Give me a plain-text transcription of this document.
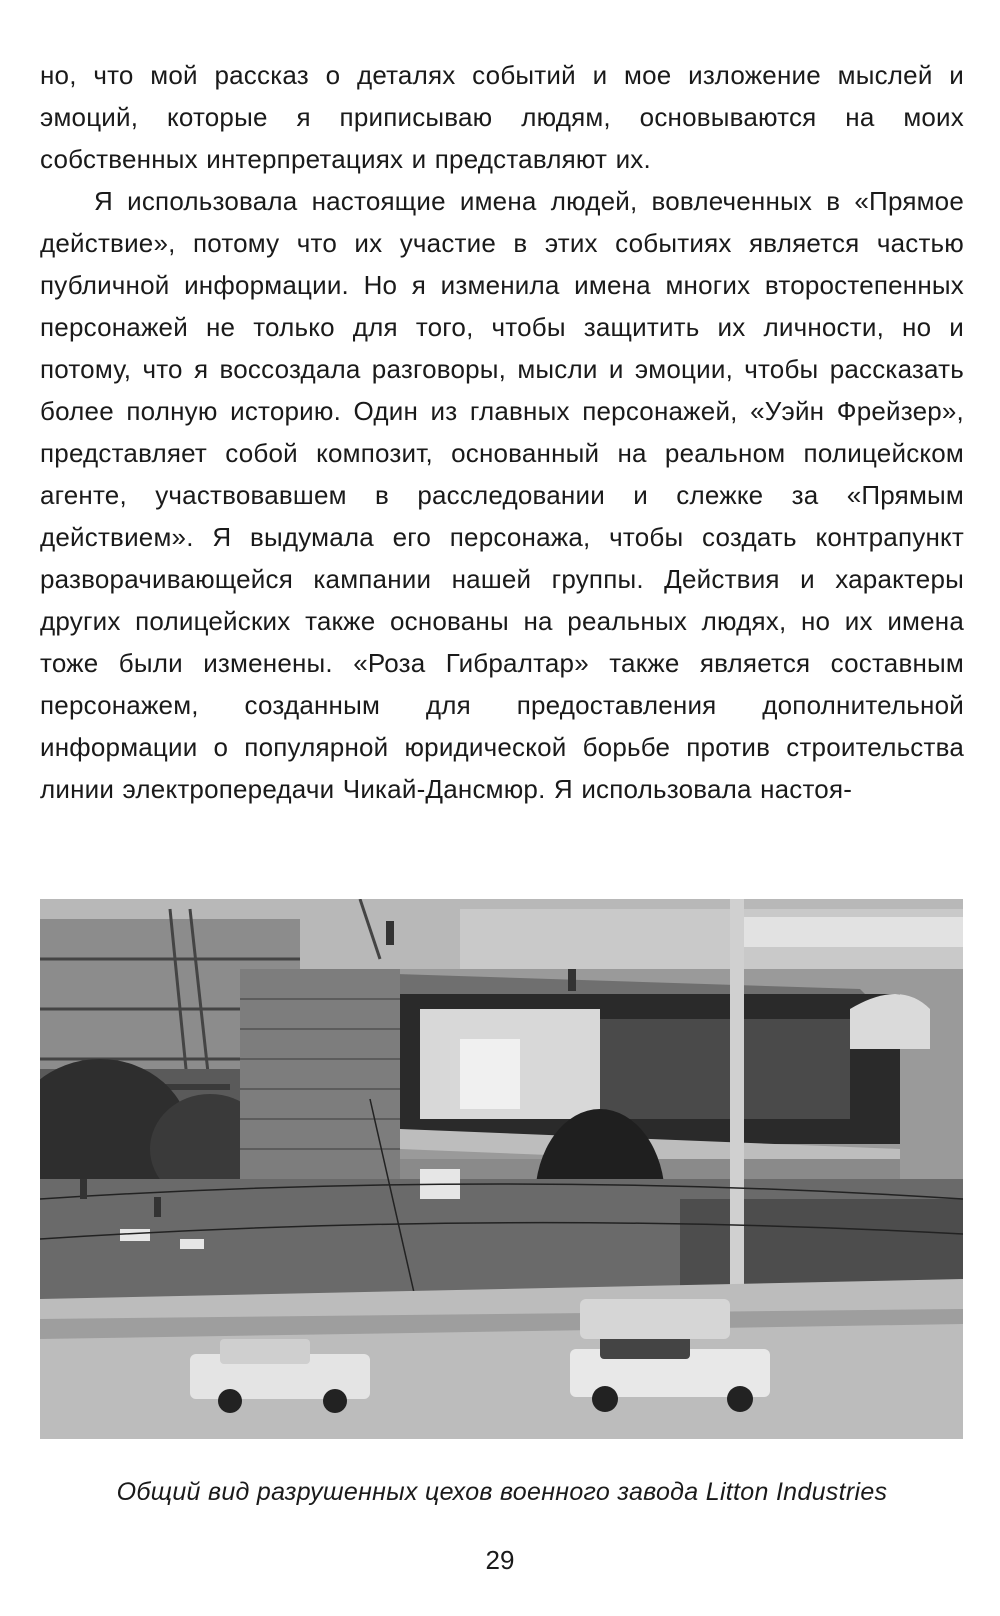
но, что мой рассказ о деталях событий и мое изложение мыслей и эмоций, которые я приписываю людям, основываются на моих собственных интерпретациях и представляют их.

Я использовала настоящие имена людей, вовлеченных в «Прямое действие», потому что их участие в этих событиях является частью публичной информации. Но я изменила имена многих второстепенных персонажей не только для того, чтобы защитить их личности, но и потому, что я воссоздала разговоры, мысли и эмоции, чтобы рассказать более полную историю. Один из главных персонажей, «Уэйн Фрейзер», представляет собой композит, основанный на реальном полицейском агенте, участвовавшем в расследовании и слежке за «Прямым действием». Я выдумала его персонажа, чтобы создать контрапункт разворачивающейся кампании нашей группы. Действия и характеры других полицейских также основаны на реальных людях, но их имена тоже были изменены. «Роза Гибралтар» также является составным персонажем, созданным для предоставления дополнительной информации о популярной юридической борьбе против строительства линии электропередачи Чикай-Дансмюр. Я использовала настоя-

Общий вид разрушенных цехов военного завода Litton Industries
29
